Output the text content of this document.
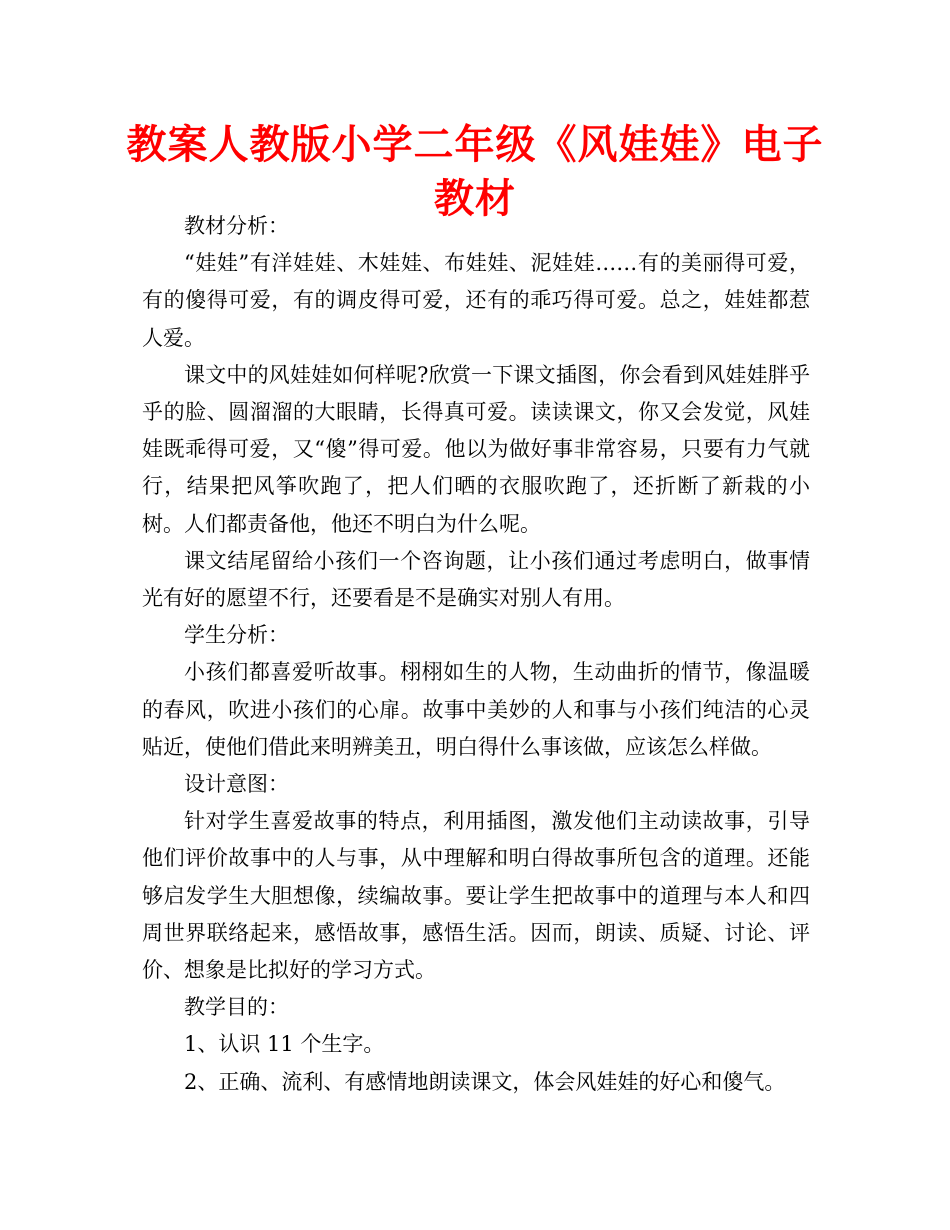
教案人教版小学二年级《风娃娃》电子教材

教材分析：

“娃娃”有洋娃娃、木娃娃、布娃娃、泥娃娃……有的美丽得可爱，有的傻得可爱，有的调皮得可爱，还有的乖巧得可爱。总之，娃娃都惹人爱。

课文中的风娃娃如何样呢?欣赏一下课文插图，你会看到风娃娃胖乎乎的脸、圆溜溜的大眼睛，长得真可爱。读读课文，你又会发觉，风娃娃既乖得可爱，又“傻”得可爱。他以为做好事非常容易，只要有力气就行，结果把风筝吹跑了，把人们晒的衣服吹跑了，还折断了新栽的小树。人们都责备他，他还不明白为什么呢。

课文结尾留给小孩们一个咨询题，让小孩们通过考虑明白，做事情光有好的愿望不行，还要看是不是确实对别人有用。

学生分析：

小孩们都喜爱听故事。栩栩如生的人物，生动曲折的情节，像温暖的春风，吹进小孩们的心扉。故事中美妙的人和事与小孩们纯洁的心灵贴近，使他们借此来明辨美丑，明白得什么事该做，应该怎么样做。

设计意图：

针对学生喜爱故事的特点，利用插图，激发他们主动读故事，引导他们评价故事中的人与事，从中理解和明白得故事所包含的道理。还能够启发学生大胆想像，续编故事。要让学生把故事中的道理与本人和四周世界联络起来，感悟故事，感悟生活。因而，朗读、质疑、讨论、评价、想象是比拟好的学习方式。

教学目的：

1、认识 11 个生字。

2、正确、流利、有感情地朗读课文，体会风娃娃的好心和傻气。
